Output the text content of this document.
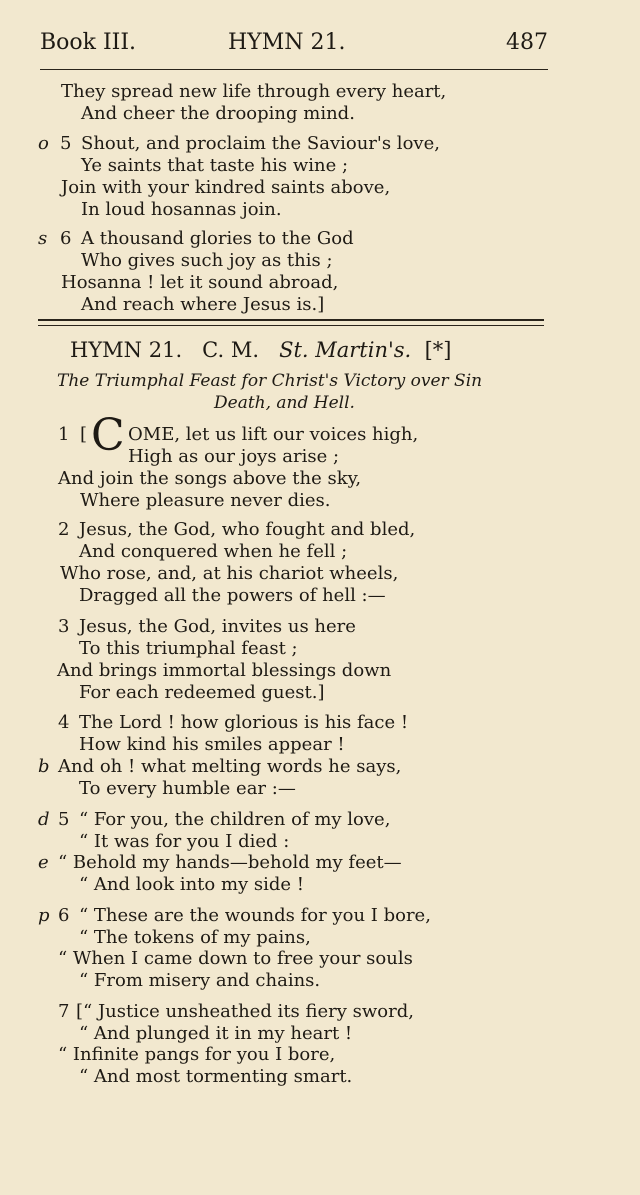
Book III.	HYMN 21.	487
They spread new life through every heart,
And cheer the drooping mind.
o 5 Shout, and proclaim the Saviour's love,
Ye saints that taste his wine ;
Join with your kindred saints above,
In loud hosannas join.
s 6 A thousand glories to the God
Who gives such joy as this ;
Hosanna ! let it sound abroad,
And reach where Jesus is.]
HYMN 21. C. M. St. Martin's. [*]
The Triumphal Feast for Christ's Victory over Sin
Death, and Hell.
1 [ C OME, let us lift our voices high,
High as our joys arise ;
And join the songs above the sky,
Where pleasure never dies.
2 Jesus, the God, who fought and bled,
And conquered when he fell ;
Who rose, and, at his chariot wheels,
Dragged all the powers of hell :—
3 Jesus, the God, invites us here
To this triumphal feast ;
And brings immortal blessings down
For each redeemed guest.]
4 The Lord ! how glorious is his face !
How kind his smiles appear !
b And oh ! what melting words he says,
To every humble ear :—
d 5 “ For you, the children of my love,
“ It was for you I died :
e “ Behold my hands—behold my feet—
“ And look into my side !
p 6 “ These are the wounds for you I bore,
“ The tokens of my pains,
“ When I came down to free your souls
“ From misery and chains.
7 [“ Justice unsheathed its fiery sword,
“ And plunged it in my heart !
“ Infinite pangs for you I bore,
“ And most tormenting smart.
